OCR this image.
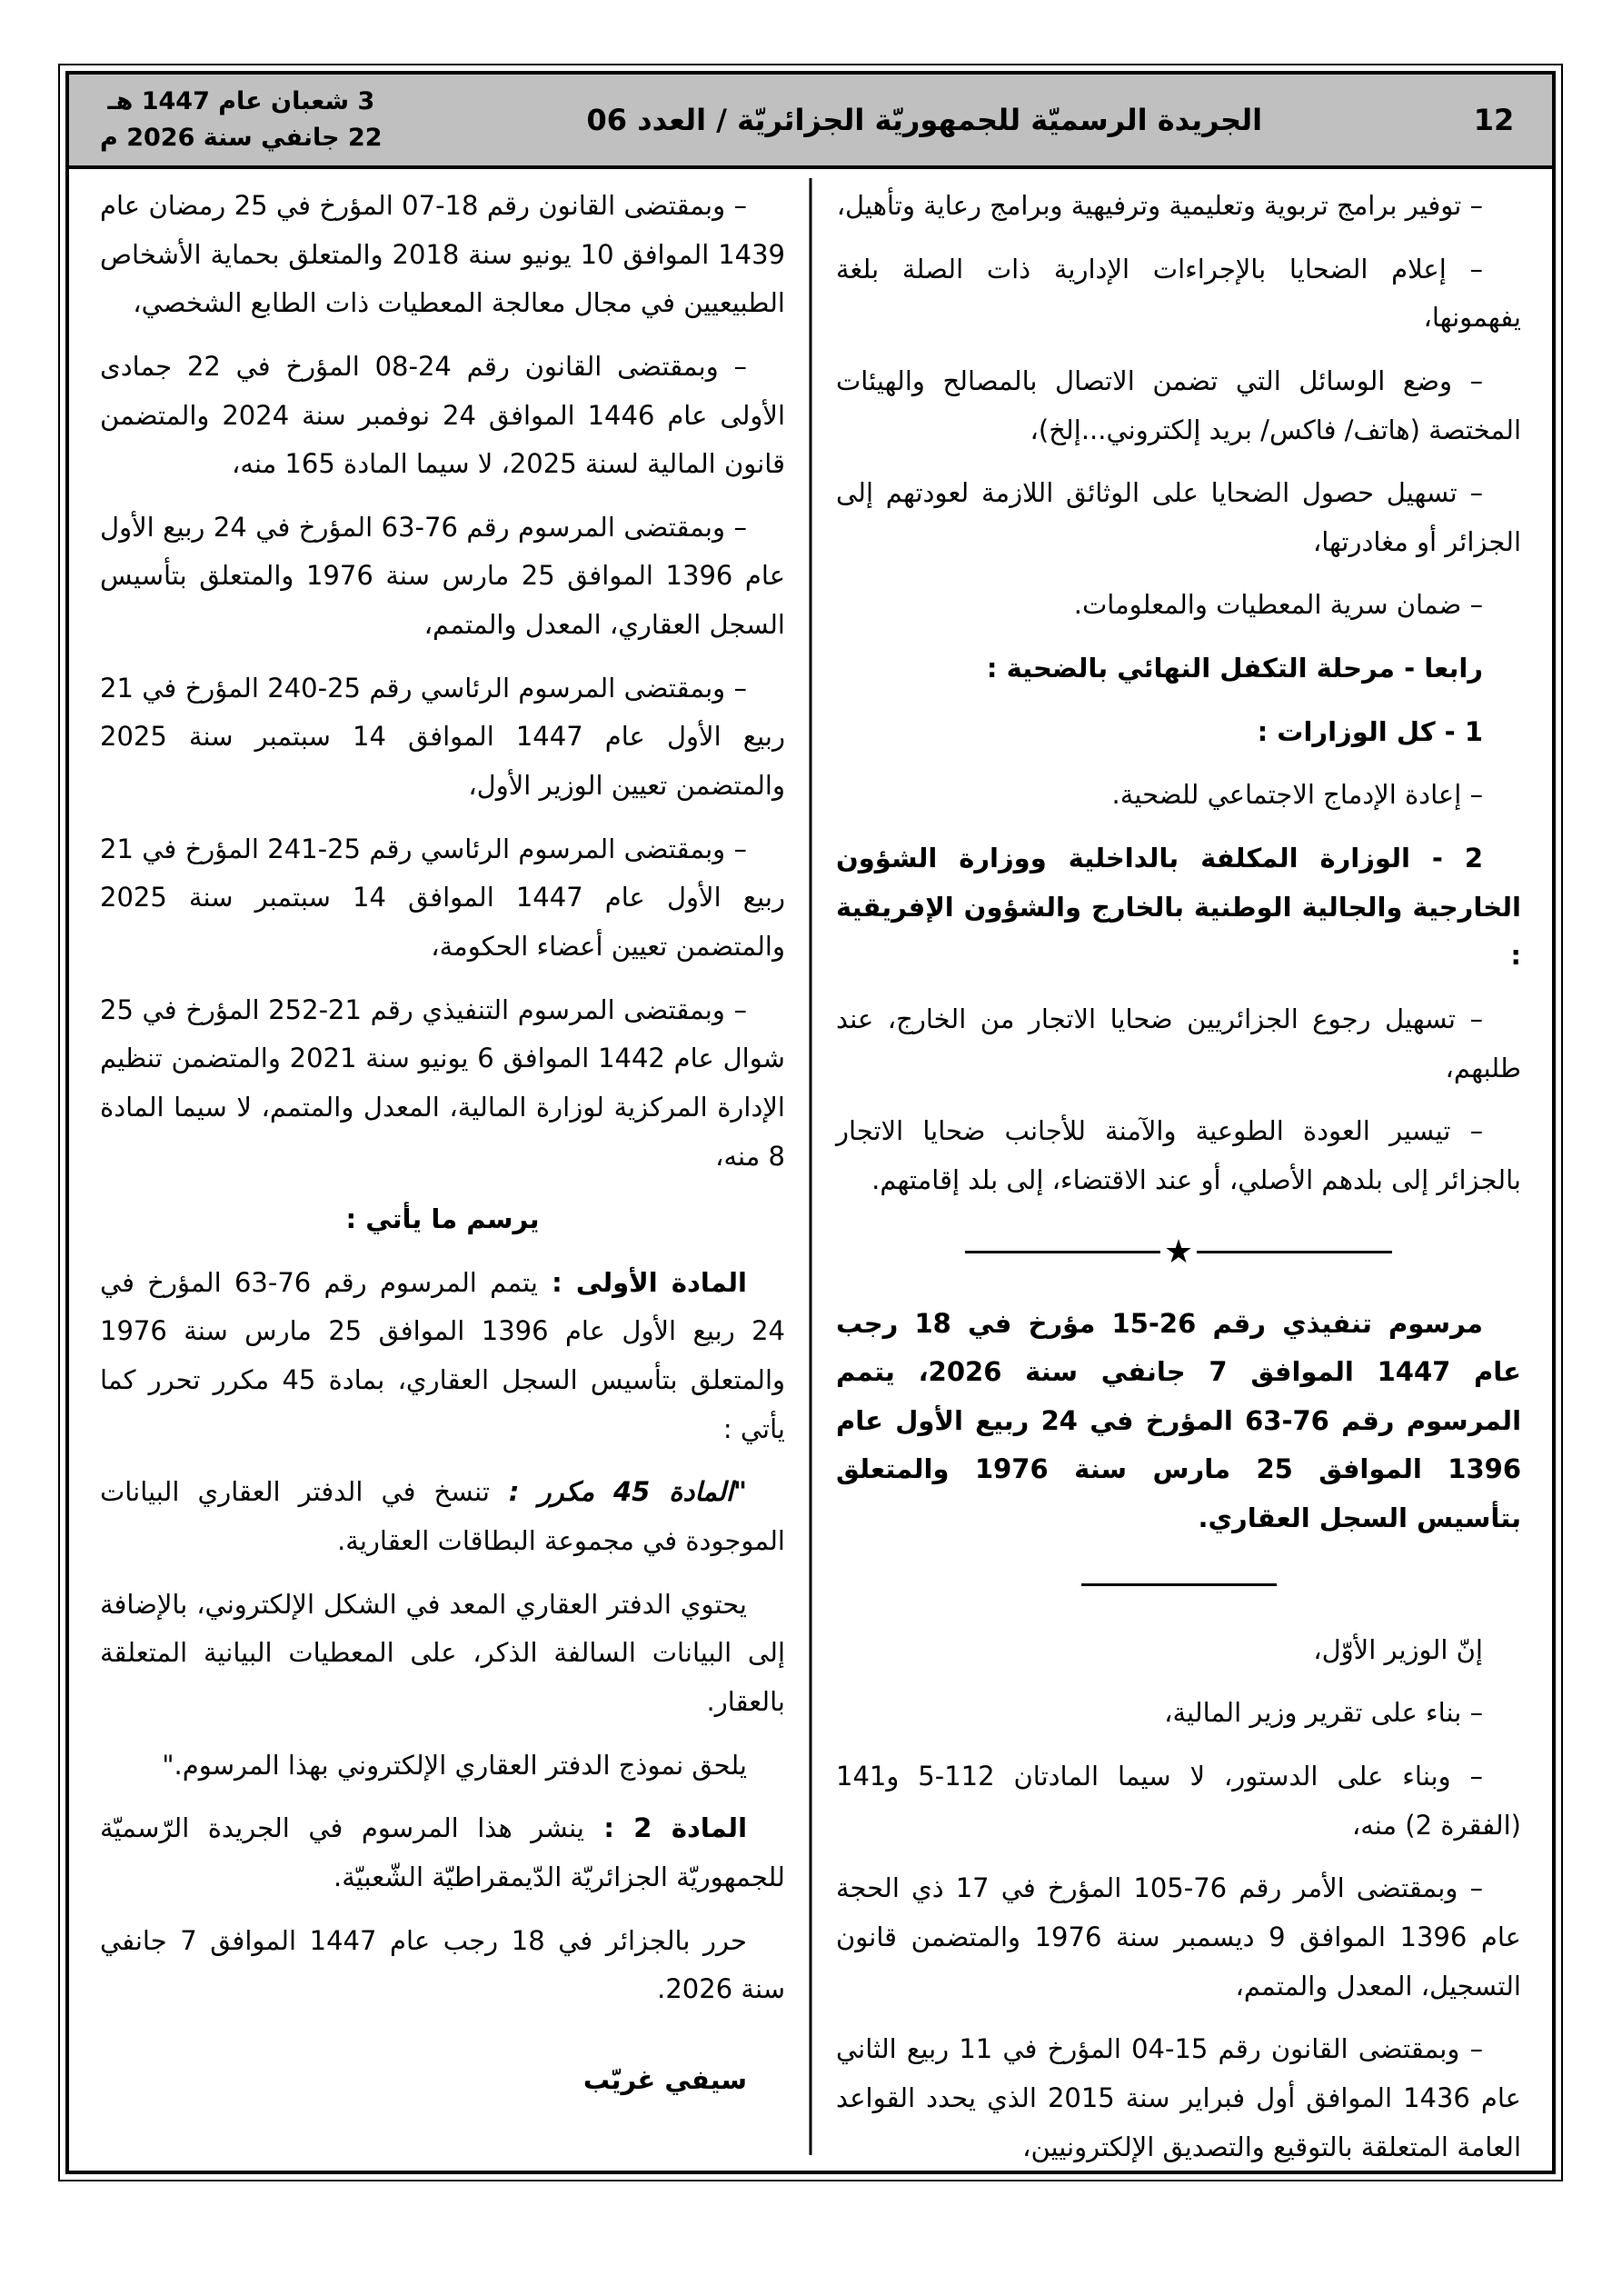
3 شعبان عام 1447 هـ
22 جانفي سنة 2026 م
الجريدة الرسميّة للجمهوريّة الجزائريّة / العدد 06	12

– توفير برامج تربوية وتعليمية وترفيهية وبرامج رعاية وتأهيل،

– إعلام الضحايا بالإجراءات الإدارية ذات الصلة بلغة يفهمونها،

– وضع الوسائل التي تضمن الاتصال بالمصالح والهيئات المختصة (هاتف/ فاكس/ بريد إلكتروني...إلخ)،

– تسهيل حصول الضحايا على الوثائق اللازمة لعودتهم إلى الجزائر أو مغادرتها،

– ضمان سرية المعطيات والمعلومات.

رابعا - مرحلة التكفل النهائي بالضحية :

1 - كل الوزارات :

– إعادة الإدماج الاجتماعي للضحية.

2 - الوزارة المكلفة بالداخلية ووزارة الشؤون الخارجية والجالية الوطنية بالخارج والشؤون الإفريقية :

– تسهيل رجوع الجزائريين ضحايا الاتجار من الخارج، عند طلبهم،

– تيسير العودة الطوعية والآمنة للأجانب ضحايا الاتجار بالجزائر إلى بلدهم الأصلي، أو عند الاقتضاء، إلى بلد إقامتهم.

★

مرسوم تنفيذي رقم 26-15 مؤرخ في 18 رجب عام 1447 الموافق 7 جانفي سنة 2026، يتمم المرسوم رقم 76-63 المؤرخ في 24 ربيع الأول عام 1396 الموافق 25 مارس سنة 1976 والمتعلق بتأسيس السجل العقاري.

إنّ الوزير الأوّل،

– بناء على تقرير وزير المالية،

– وبناء على الدستور، لا سيما المادتان 112-5 و141 (الفقرة 2) منه،

– وبمقتضى الأمر رقم 76-105 المؤرخ في 17 ذي الحجة عام 1396 الموافق 9 ديسمبر سنة 1976 والمتضمن قانون التسجيل، المعدل والمتمم،

– وبمقتضى القانون رقم 15-04 المؤرخ في 11 ربيع الثاني عام 1436 الموافق أول فبراير سنة 2015 الذي يحدد القواعد العامة المتعلقة بالتوقيع والتصديق الإلكترونيين،

– وبمقتضى القانون رقم 18-07 المؤرخ في 25 رمضان عام 1439 الموافق 10 يونيو سنة 2018 والمتعلق بحماية الأشخاص الطبيعيين في مجال معالجة المعطيات ذات الطابع الشخصي،

– وبمقتضى القانون رقم 24-08 المؤرخ في 22 جمادى الأولى عام 1446 الموافق 24 نوفمبر سنة 2024 والمتضمن قانون المالية لسنة 2025، لا سيما المادة 165 منه،

– وبمقتضى المرسوم رقم 76-63 المؤرخ في 24 ربيع الأول عام 1396 الموافق 25 مارس سنة 1976 والمتعلق بتأسيس السجل العقاري، المعدل والمتمم،

– وبمقتضى المرسوم الرئاسي رقم 25-240 المؤرخ في 21 ربيع الأول عام 1447 الموافق 14 سبتمبر سنة 2025 والمتضمن تعيين الوزير الأول،

– وبمقتضى المرسوم الرئاسي رقم 25-241 المؤرخ في 21 ربيع الأول عام 1447 الموافق 14 سبتمبر سنة 2025 والمتضمن تعيين أعضاء الحكومة،

– وبمقتضى المرسوم التنفيذي رقم 21-252 المؤرخ في 25 شوال عام 1442 الموافق 6 يونيو سنة 2021 والمتضمن تنظيم الإدارة المركزية لوزارة المالية، المعدل والمتمم، لا سيما المادة 8 منه،

يرسم ما يأتي :

المادة الأولى : يتمم المرسوم رقم 76-63 المؤرخ في 24 ربيع الأول عام 1396 الموافق 25 مارس سنة 1976 والمتعلق بتأسيس السجل العقاري، بمادة 45 مكرر تحرر كما يأتي :

"المادة 45 مكرر : تنسخ في الدفتر العقاري البيانات الموجودة في مجموعة البطاقات العقارية.

يحتوي الدفتر العقاري المعد في الشكل الإلكتروني، بالإضافة إلى البيانات السالفة الذكر، على المعطيات البيانية المتعلقة بالعقار.

يلحق نموذج الدفتر العقاري الإلكتروني بهذا المرسوم."

المادة 2 : ينشر هذا المرسوم في الجريدة الرّسميّة للجمهوريّة الجزائريّة الدّيمقراطيّة الشّعبيّة.

حرر بالجزائر في 18 رجب عام 1447 الموافق 7 جانفي سنة 2026.

سيفي غريّب
